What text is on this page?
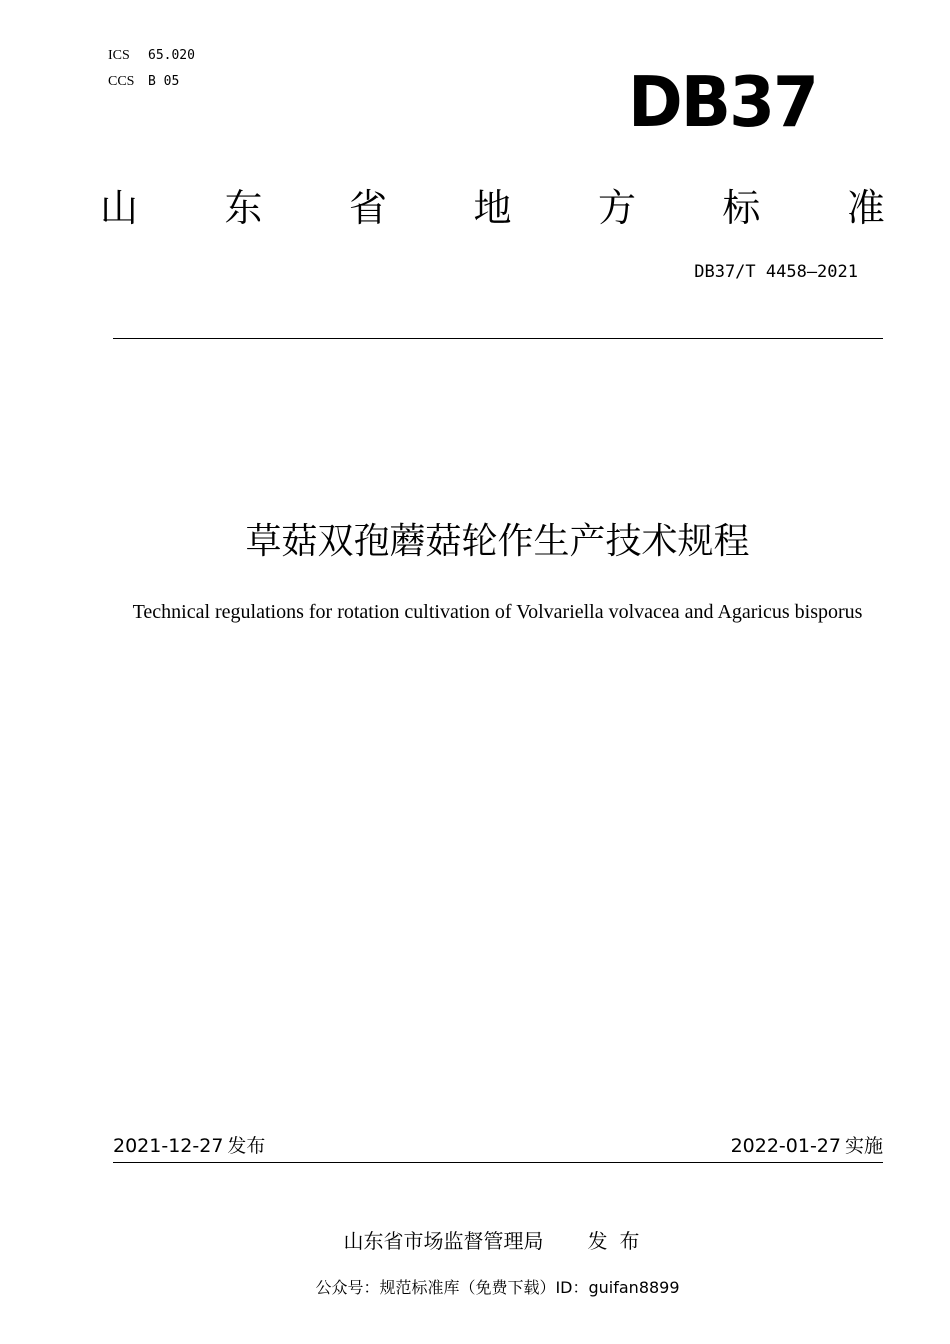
ICS 65.020
CCS B 05	DB37
山 东 省 地 方 标 准
DB37/T 4458—2021
草菇双孢蘑菇轮作生产技术规程
Technical regulations for rotation cultivation of Volvariella volvacea and Agaricus bisporus
2021-12-27 发布	2022-01-27 实施
山东省市场监督管理局 发布
公众号：规范标准库（免费下载）ID：guifan8899
